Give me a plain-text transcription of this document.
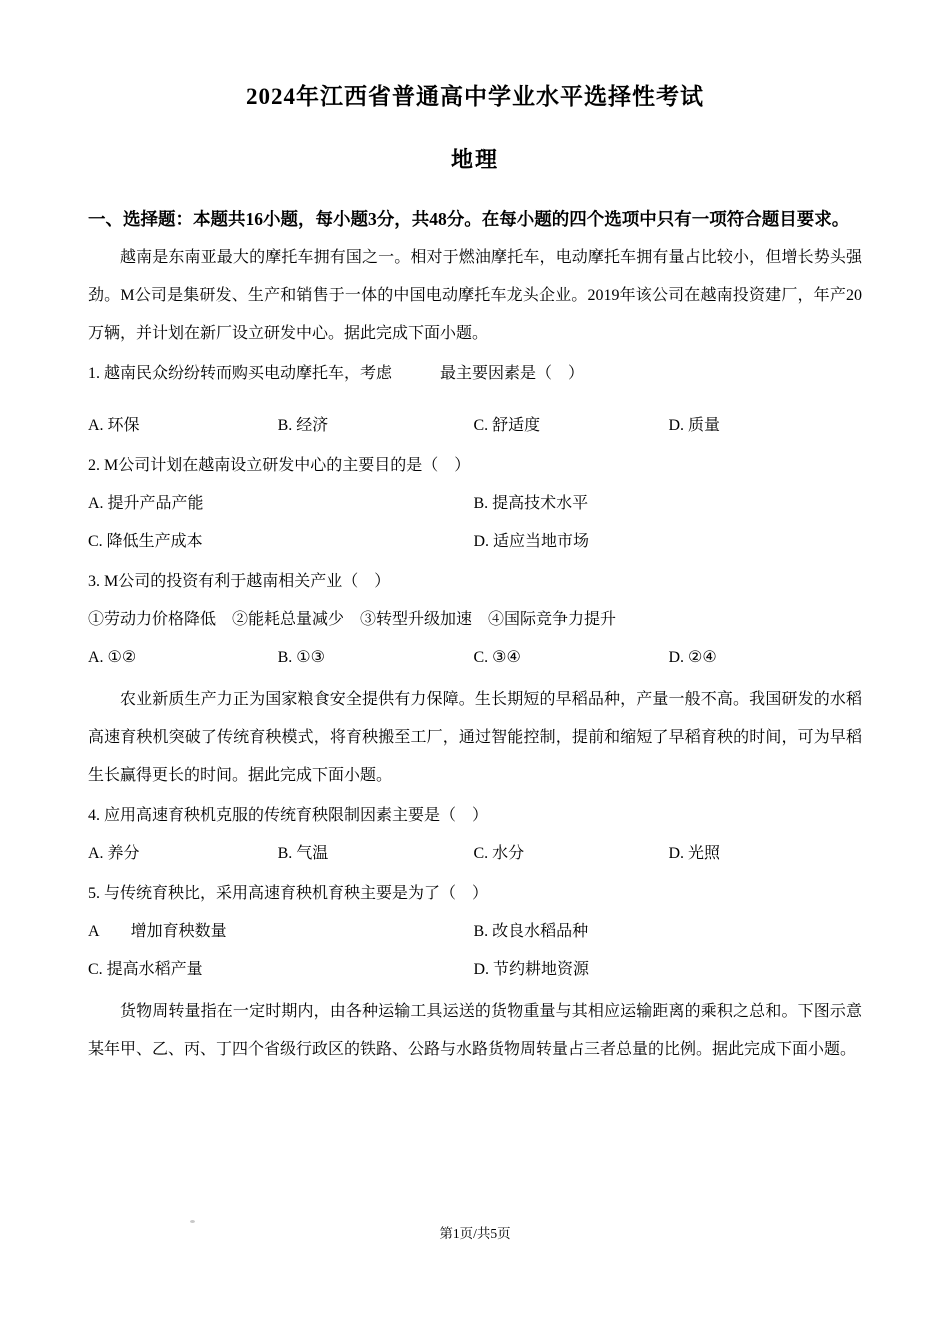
2024年江西省普通高中学业水平选择性考试
地理

一、选择题：本题共16小题，每小题3分，共48分。在每小题的四个选项中只有一项符合题目要求。

越南是东南亚最大的摩托车拥有国之一。相对于燃油摩托车，电动摩托车拥有量占比较小，但增长势头强劲。M公司是集研发、生产和销售于一体的中国电动摩托车龙头企业。2019年该公司在越南投资建厂，年产20万辆，并计划在新厂设立研发中心。据此完成下面小题。

1. 越南民众纷纷转而购买电动摩托车，考虑　　　最主要因素是（　）

A. 环保	B. 经济	C. 舒适度	D. 质量

2. M公司计划在越南设立研发中心的主要目的是（　）

A. 提升产品产能	B. 提高技术水平
C. 降低生产成本	D. 适应当地市场

3. M公司的投资有利于越南相关产业（　）

①劳动力价格降低　②能耗总量减少　③转型升级加速　④国际竞争力提升

A. ①②	B. ①③	C. ③④	D. ②④

农业新质生产力正为国家粮食安全提供有力保障。生长期短的早稻品种，产量一般不高。我国研发的水稻高速育秧机突破了传统育秧模式，将育秧搬至工厂，通过智能控制，提前和缩短了早稻育秧的时间，可为早稻生长赢得更长的时间。据此完成下面小题。

4. 应用高速育秧机克服的传统育秧限制因素主要是（　）

A. 养分	B. 气温	C. 水分	D. 光照

5. 与传统育秧比，采用高速育秧机育秧主要是为了（　）

A　　增加育秧数量	B. 改良水稻品种
C. 提高水稻产量	D. 节约耕地资源

货物周转量指在一定时期内，由各种运输工具运送的货物重量与其相应运输距离的乘积之总和。下图示意某年甲、乙、丙、丁四个省级行政区的铁路、公路与水路货物周转量占三者总量的比例。据此完成下面小题。

第1页/共5页
